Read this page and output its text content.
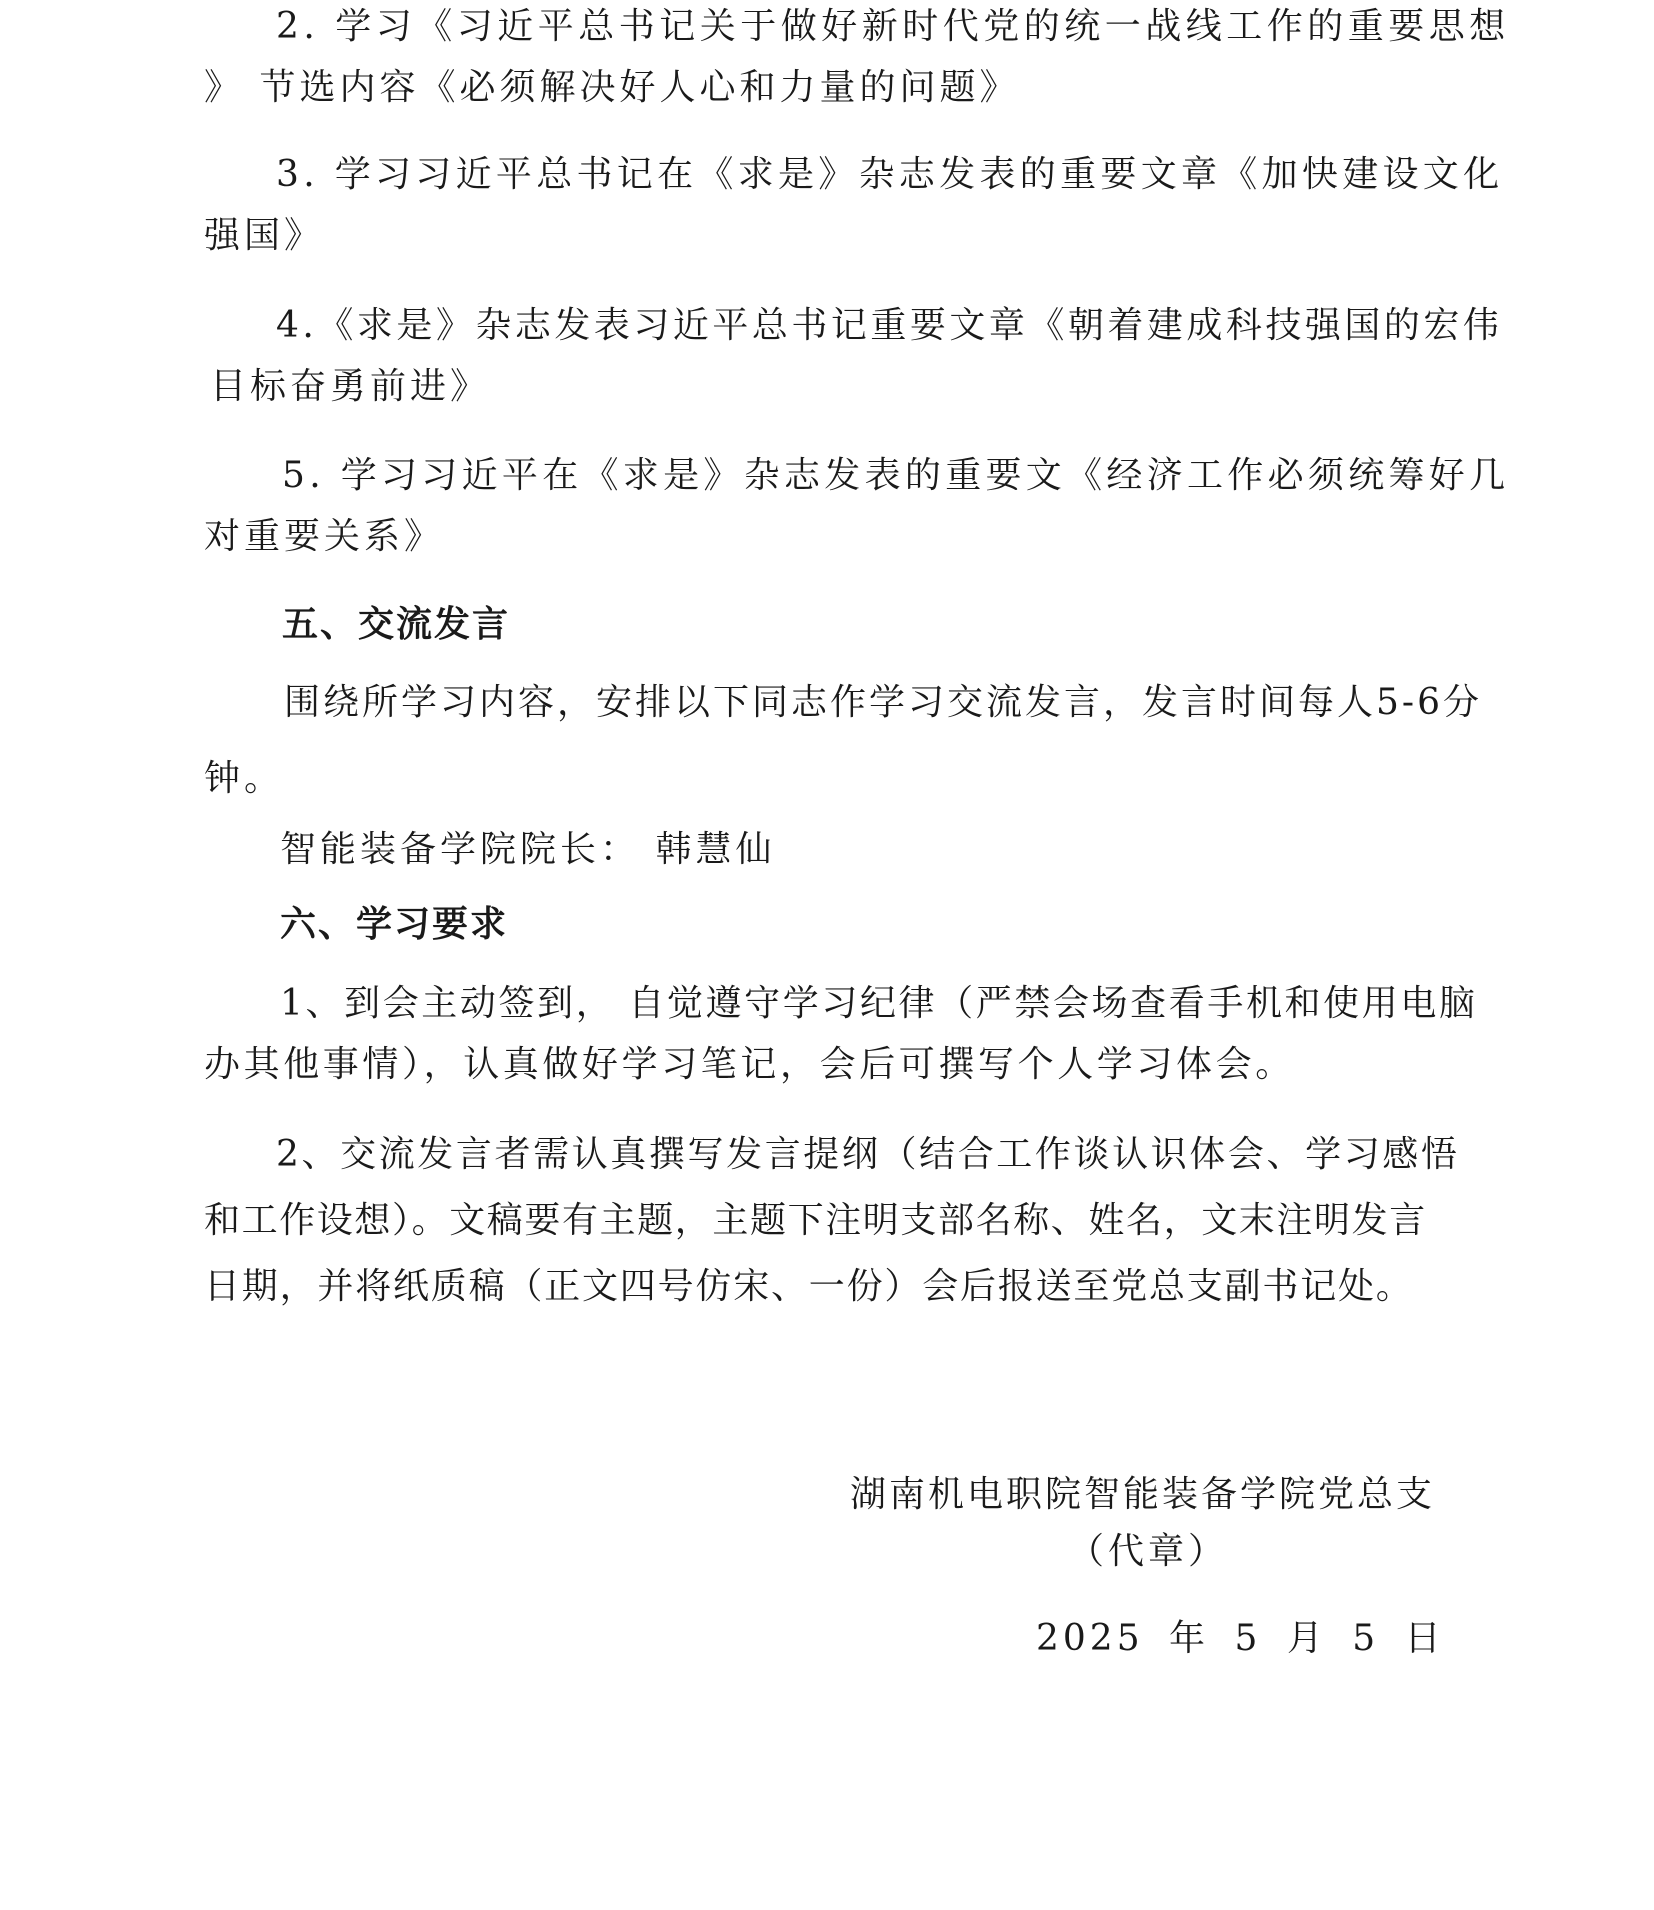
2. 学习《习近平总书记关于做好新时代党的统一战线工作的重要思想
》 节选内容《必须解决好人心和力量的问题》
3. 学习习近平总书记在《求是》杂志发表的重要文章《加快建设文化
强国》
4.《求是》杂志发表习近平总书记重要文章《朝着建成科技强国的宏伟
目标奋勇前进》
5. 学习习近平在《求是》杂志发表的重要文《经济工作必须统筹好几
对重要关系》
五、交流发言
围绕所学习内容，安排以下同志作学习交流发言，发言时间每人5-6分
钟。
智能装备学院院长： 韩慧仙
六、学习要求
1、到会主动签到， 自觉遵守学习纪律（严禁会场查看手机和使用电脑
办其他事情），认真做好学习笔记，会后可撰写个人学习体会。
2、交流发言者需认真撰写发言提纲（结合工作谈认识体会、学习感悟
和工作设想）。文稿要有主题，主题下注明支部名称、姓名，文末注明发言
日期，并将纸质稿（正文四号仿宋、一份）会后报送至党总支副书记处。
湖南机电职院智能装备学院党总支
（代章）
2025 年 5 月 5 日
